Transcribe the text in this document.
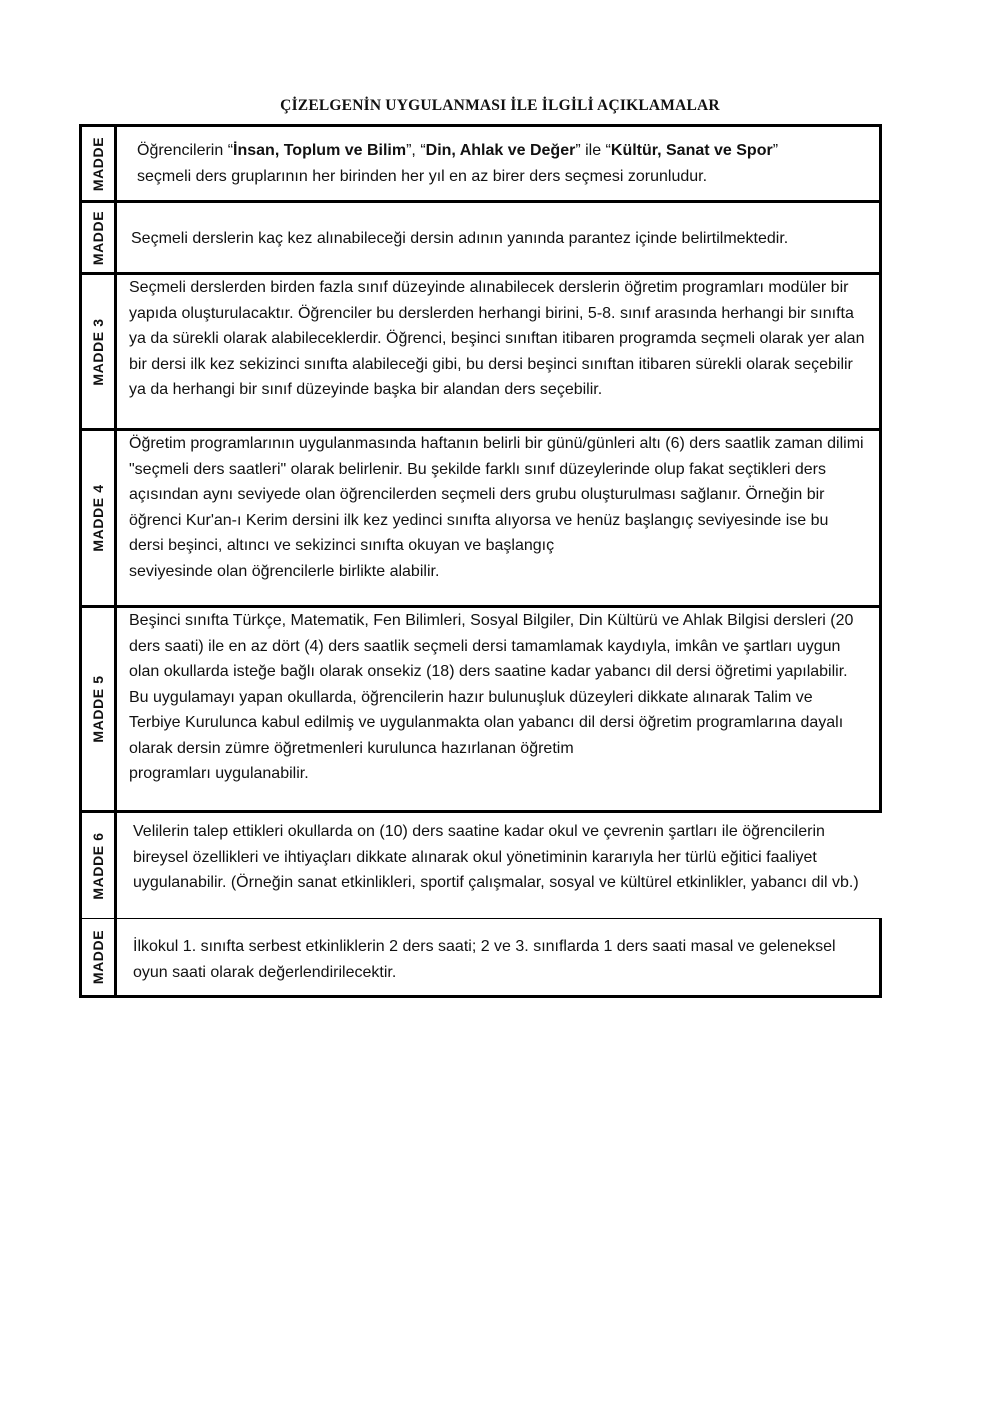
ÇİZELGENİN UYGULANMASI İLE İLGİLİ AÇIKLAMALAR
MADDE Öğrencilerin “İnsan, Toplum ve Bilim”, “Din, Ahlak ve Değer” ile “Kültür, Sanat ve Spor”

seçmeli ders gruplarının her birinden her yıl en az birer ders seçmesi zorunludur.

MADDE Seçmeli derslerin kaç kez alınabileceği dersin adının yanında parantez içinde belirtilmektedir.

MADDE 3

Seçmeli derslerden birden fazla sınıf düzeyinde alınabilecek derslerin öğretim programları modüler bir yapıda oluşturulacaktır. Öğrenciler bu derslerden herhangi birini, 5-8. sınıf arasında herhangi bir sınıfta ya da sürekli olarak alabileceklerdir. Öğrenci, beşinci sınıftan itibaren programda seçmeli olarak yer alan bir dersi ilk kez sekizinci sınıfta alabileceği gibi, bu dersi beşinci sınıftan itibaren sürekli olarak seçebilir ya da herhangi bir sınıf düzeyinde başka bir alandan ders seçebilir.

MADDE 4

Öğretim programlarının uygulanmasında haftanın belirli bir günü/günleri altı (6) ders saatlik zaman dilimi "seçmeli ders saatleri" olarak belirlenir. Bu şekilde farklı sınıf düzeylerinde olup fakat seçtikleri ders açısından aynı seviyede olan öğrencilerden seçmeli ders grubu oluşturulması sağlanır. Örneğin bir öğrenci Kur'an-ı Kerim dersini ilk kez yedinci sınıfta alıyorsa ve henüz başlangıç seviyesinde ise bu dersi beşinci, altıncı ve sekizinci sınıfta okuyan ve başlangıç

seviyesinde olan öğrencilerle birlikte alabilir.

MADDE 5

Beşinci sınıfta Türkçe, Matematik, Fen Bilimleri, Sosyal Bilgiler, Din Kültürü ve Ahlak Bilgisi dersleri (20 ders saati) ile en az dört (4) ders saatlik seçmeli dersi tamamlamak kaydıyla, imkân ve şartları uygun olan okullarda isteğe bağlı olarak onsekiz (18) ders saatine kadar yabancı dil dersi öğretimi yapılabilir. Bu uygulamayı yapan okullarda, öğrencilerin hazır bulunuşluk düzeyleri dikkate alınarak Talim ve Terbiye Kurulunca kabul edilmiş ve uygulanmakta olan yabancı dil dersi öğretim programlarına dayalı olarak dersin zümre öğretmenleri kurulunca hazırlanan öğretim

programları uygulanabilir.

MADDE 6

Velilerin talep ettikleri okullarda on (10) ders saatine kadar okul ve çevrenin şartları ile öğrencilerin bireysel özellikleri ve ihtiyaçları dikkate alınarak okul yönetiminin kararıyla her türlü eğitici faaliyet uygulanabilir. (Örneğin sanat etkinlikleri, sportif çalışmalar, sosyal ve kültürel etkinlikler, yabancı dil vb.)

MADDE İlkokul 1. sınıfta serbest etkinliklerin 2 ders saati; 2 ve 3. sınıflarda 1 ders saati masal ve geleneksel oyun saati olarak değerlendirilecektir.
